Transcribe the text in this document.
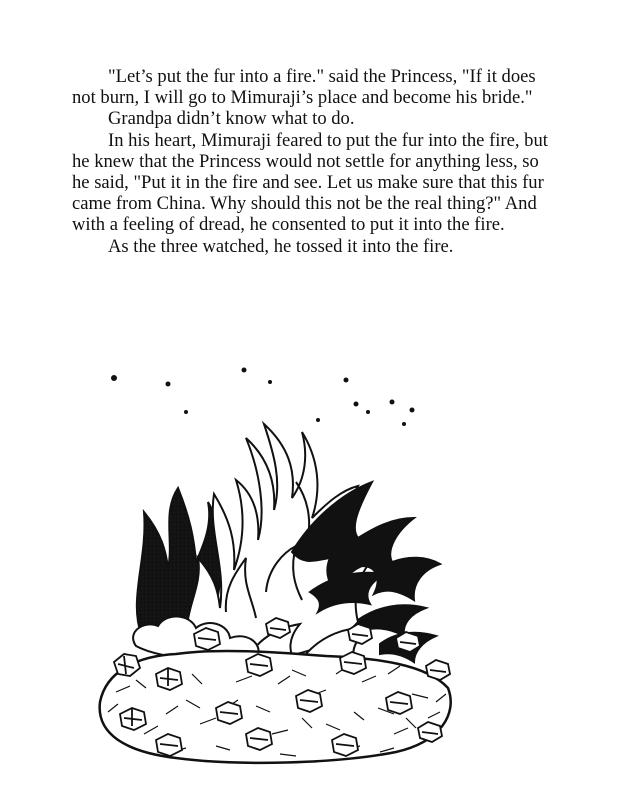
"Let’s put the fur into a fire." said the Princess, "If it does not burn, I will go to Mimuraji’s place and become his bride."

Grandpa didn’t know what to do.

In his heart, Mimuraji feared to put the fur into the fire, but he knew that the Princess would not settle for anything less, so he said, "Put it in the fire and see. Let us make sure that this fur came from China. Why should this not be the real thing?" And with a feeling of dread, he consented to put it into the fire.

As the three watched, he tossed it into the fire.
